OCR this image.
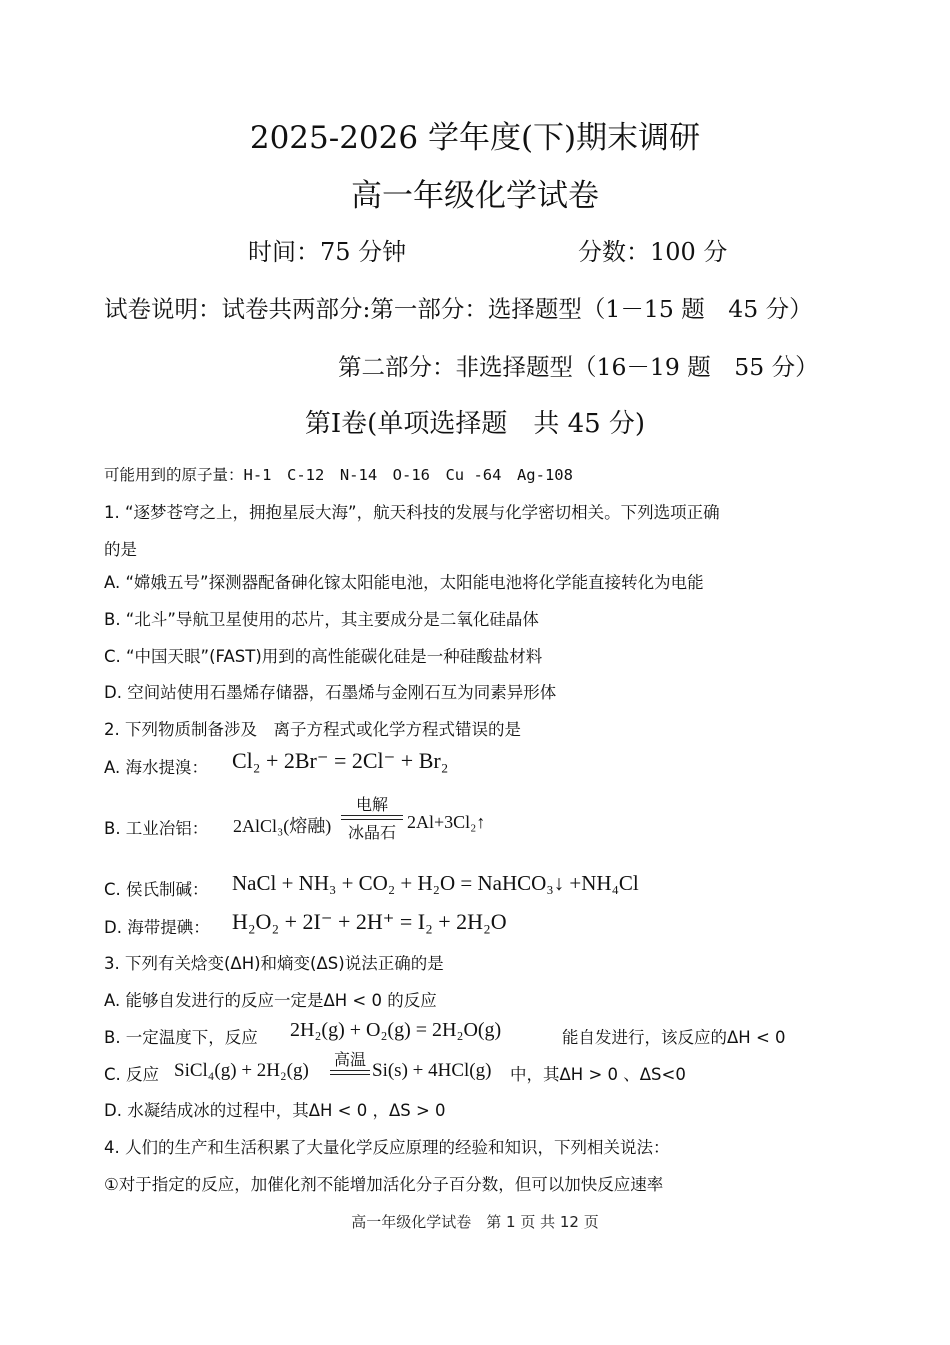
2025-2026 学年度(下)期末调研
高一年级化学试卷
时间：75 分钟	分数：100 分
试卷说明：试卷共两部分:第一部分：选择题型（1－15 题　45 分）
第二部分：非选择题型（16－19 题　55 分）
第Ⅰ卷(单项选择题　共 45 分)
可能用到的原子量：H-1　C-12　N-14　O-16　Cu -64　Ag-108
1. “逐梦苍穹之上，拥抱星辰大海”，航天科技的发展与化学密切相关。下列选项正确
的是
A. “嫦娥五号”探测器配备砷化镓太阳能电池，太阳能电池将化学能直接转化为电能
B. “北斗”导航卫星使用的芯片，其主要成分是二氧化硅晶体
C. “中国天眼”(FAST)用到的高性能碳化硅是一种硅酸盐材料
D. 空间站使用石墨烯存储器，石墨烯与金刚石互为同素异形体
2. 下列物质制备涉及　离子方程式或化学方程式错误的是
A. 海水提溴： Cl₂ + 2Br⁻ = 2Cl⁻ + Br₂
B. 工业冶铝： 2AlCl₃(熔融)
电解
冰晶石
2Al+3Cl₂↑
C. 侯氏制碱： NaCl + NH₃ + CO₂ + H₂O = NaHCO₃↓ +NH₄Cl
D. 海带提碘： H₂O₂ + 2I⁻ + 2H⁺ = I₂ + 2H₂O
3. 下列有关焓变(ΔH)和熵变(ΔS)说法正确的是
A. 能够自发进行的反应一定是ΔH < 0 的反应
B. 一定温度下，反应 2H₂(g) + O₂(g) = 2H₂O(g)	能自发进行，该反应的ΔH < 0
C. 反应 SiCl₄(g) + 2H₂(g)
高温
Si(s) + 4HCl(g) 中，其ΔH > 0 、ΔS<0
D. 水凝结成冰的过程中，其ΔH < 0 ，ΔS > 0
4. 人们的生产和生活积累了大量化学反应原理的经验和知识，下列相关说法：
①对于指定的反应，加催化剂不能增加活化分子百分数，但可以加快反应速率
高一年级化学试卷　第 1 页 共 12 页
